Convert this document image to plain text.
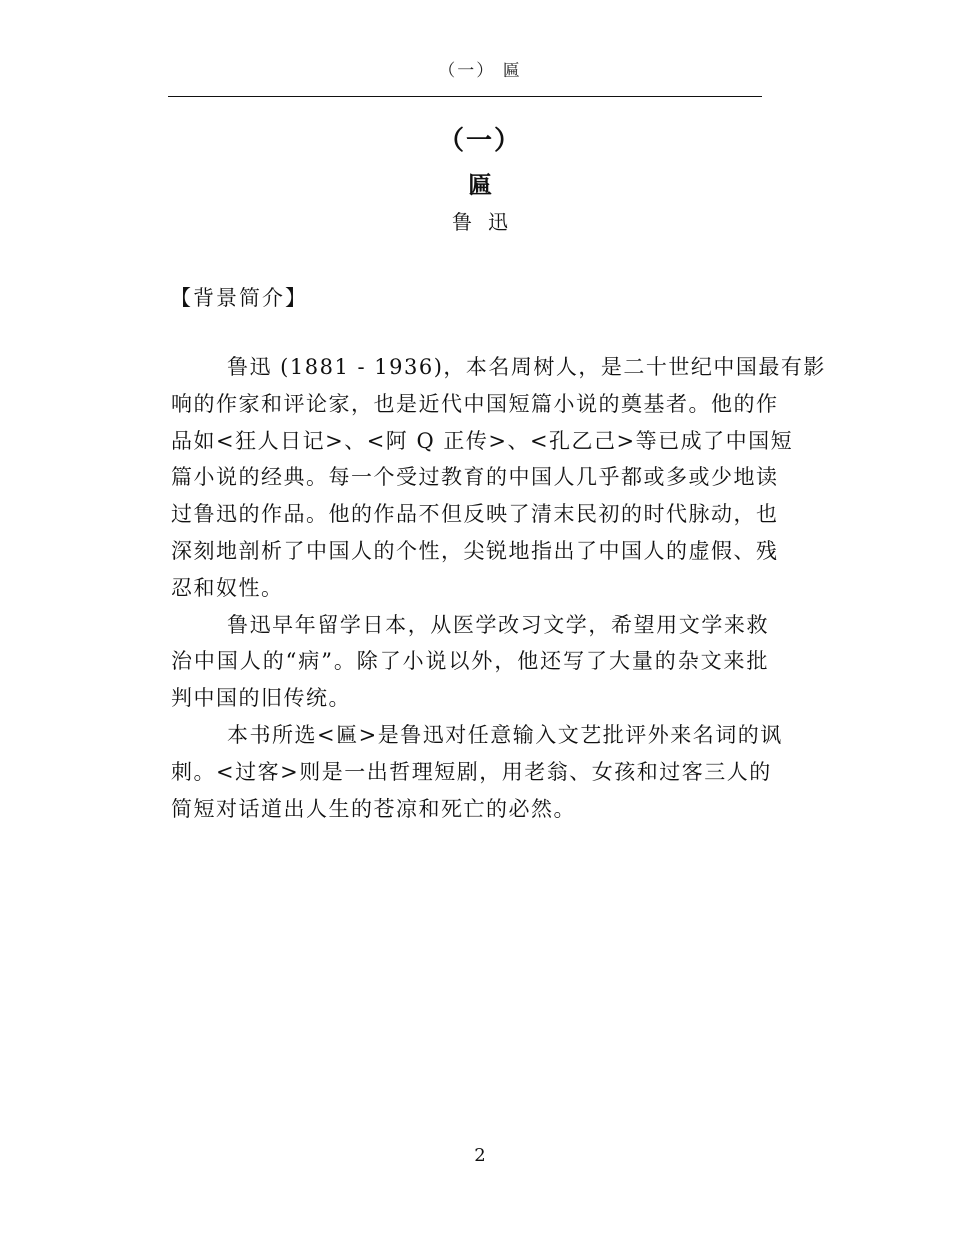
（一） 匾
（一）
匾
鲁迅
【背景简介】
鲁迅 (1881 - 1936)，本名周树人，是二十世纪中国最有影
响的作家和评论家，也是近代中国短篇小说的奠基者。他的作
品如<狂人日记>、<阿 Q 正传>、<孔乙己>等已成了中国短
篇小说的经典。每一个受过教育的中国人几乎都或多或少地读
过鲁迅的作品。他的作品不但反映了清末民初的时代脉动，也
深刻地剖析了中国人的个性，尖锐地指出了中国人的虚假、残
忍和奴性。
鲁迅早年留学日本，从医学改习文学，希望用文学来救
治中国人的“病”。除了小说以外，他还写了大量的杂文来批
判中国的旧传统。
本书所选<匾>是鲁迅对任意输入文艺批评外来名词的讽
刺。<过客>则是一出哲理短剧，用老翁、女孩和过客三人的
简短对话道出人生的苍凉和死亡的必然。
2
